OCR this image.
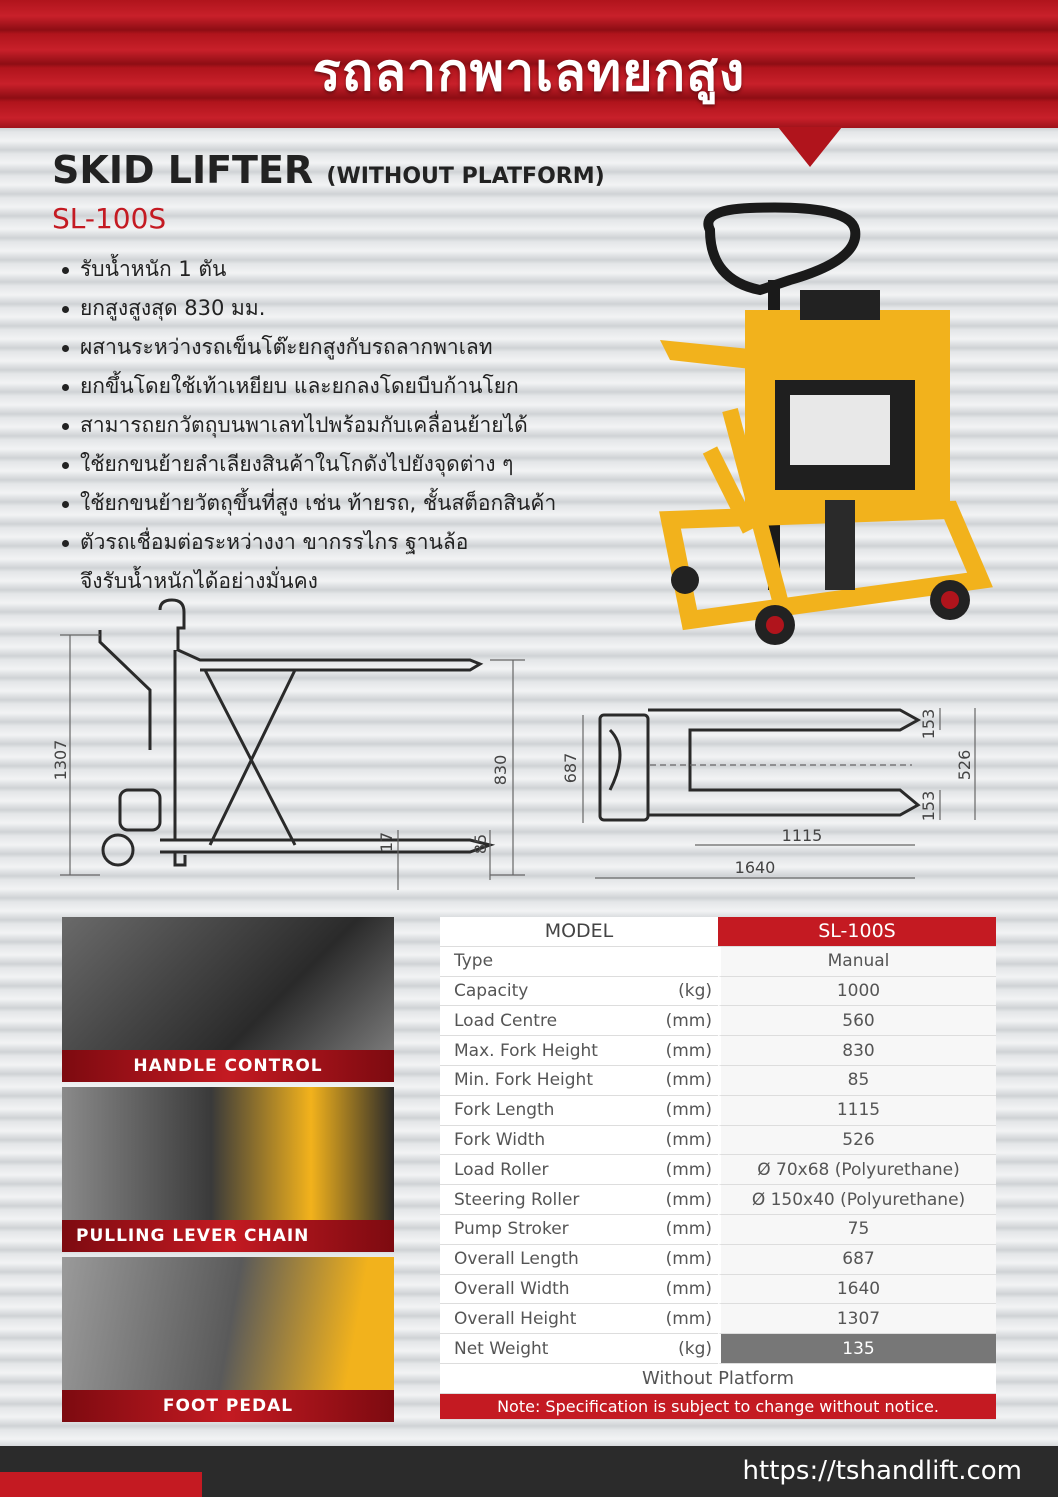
รถลากพาเลทยกสูง
SKID LIFTER (WITHOUT PLATFORM)
SL-100S
รับน้ำหนัก 1 ตัน
ยกสูงสูงสุด 830 มม.
ผสานระหว่างรถเข็นโต๊ะยกสูงกับรถลากพาเลท
ยกขึ้นโดยใช้เท้าเหยียบ และยกลงโดยบีบก้านโยก
สามารถยกวัตถุบนพาเลทไปพร้อมกับเคลื่อนย้ายได้
ใช้ยกขนย้ายลำเลียงสินค้าในโกดังไปยังจุดต่าง ๆ
ใช้ยกขนย้ายวัตถุขึ้นที่สูง เช่น ท้ายรถ, ชั้นสต็อกสินค้า
ตัวรถเชื่อมต่อระหว่างงา ขากรรไกร ฐานล้อ
จึงรับน้ำหนักได้อย่างมั่นคง
1307	830
17	85
687
153
153
526
1115
1640
HANDLE CONTROL
PULLING LEVER CHAIN
FOOT PEDAL
MODEL		SL-100S
Type		Manual
Capacity	(kg)	1000
Load Centre	(mm)	560
Max. Fork Height	(mm)	830
Min. Fork Height	(mm)	85
Fork Length	(mm)	1115
Fork Width	(mm)	526
Load Roller	(mm)	Ø 70x68 (Polyurethane)
Steering Roller	(mm)	Ø 150x40 (Polyurethane)
Pump Stroker	(mm)	75
Overall Length	(mm)	687
Overall Width	(mm)	1640
Overall Height	(mm)	1307
Net Weight	(kg)	135
Without Platform		
Note: Specification is subject to change without notice.		
https://tshandlift.com
